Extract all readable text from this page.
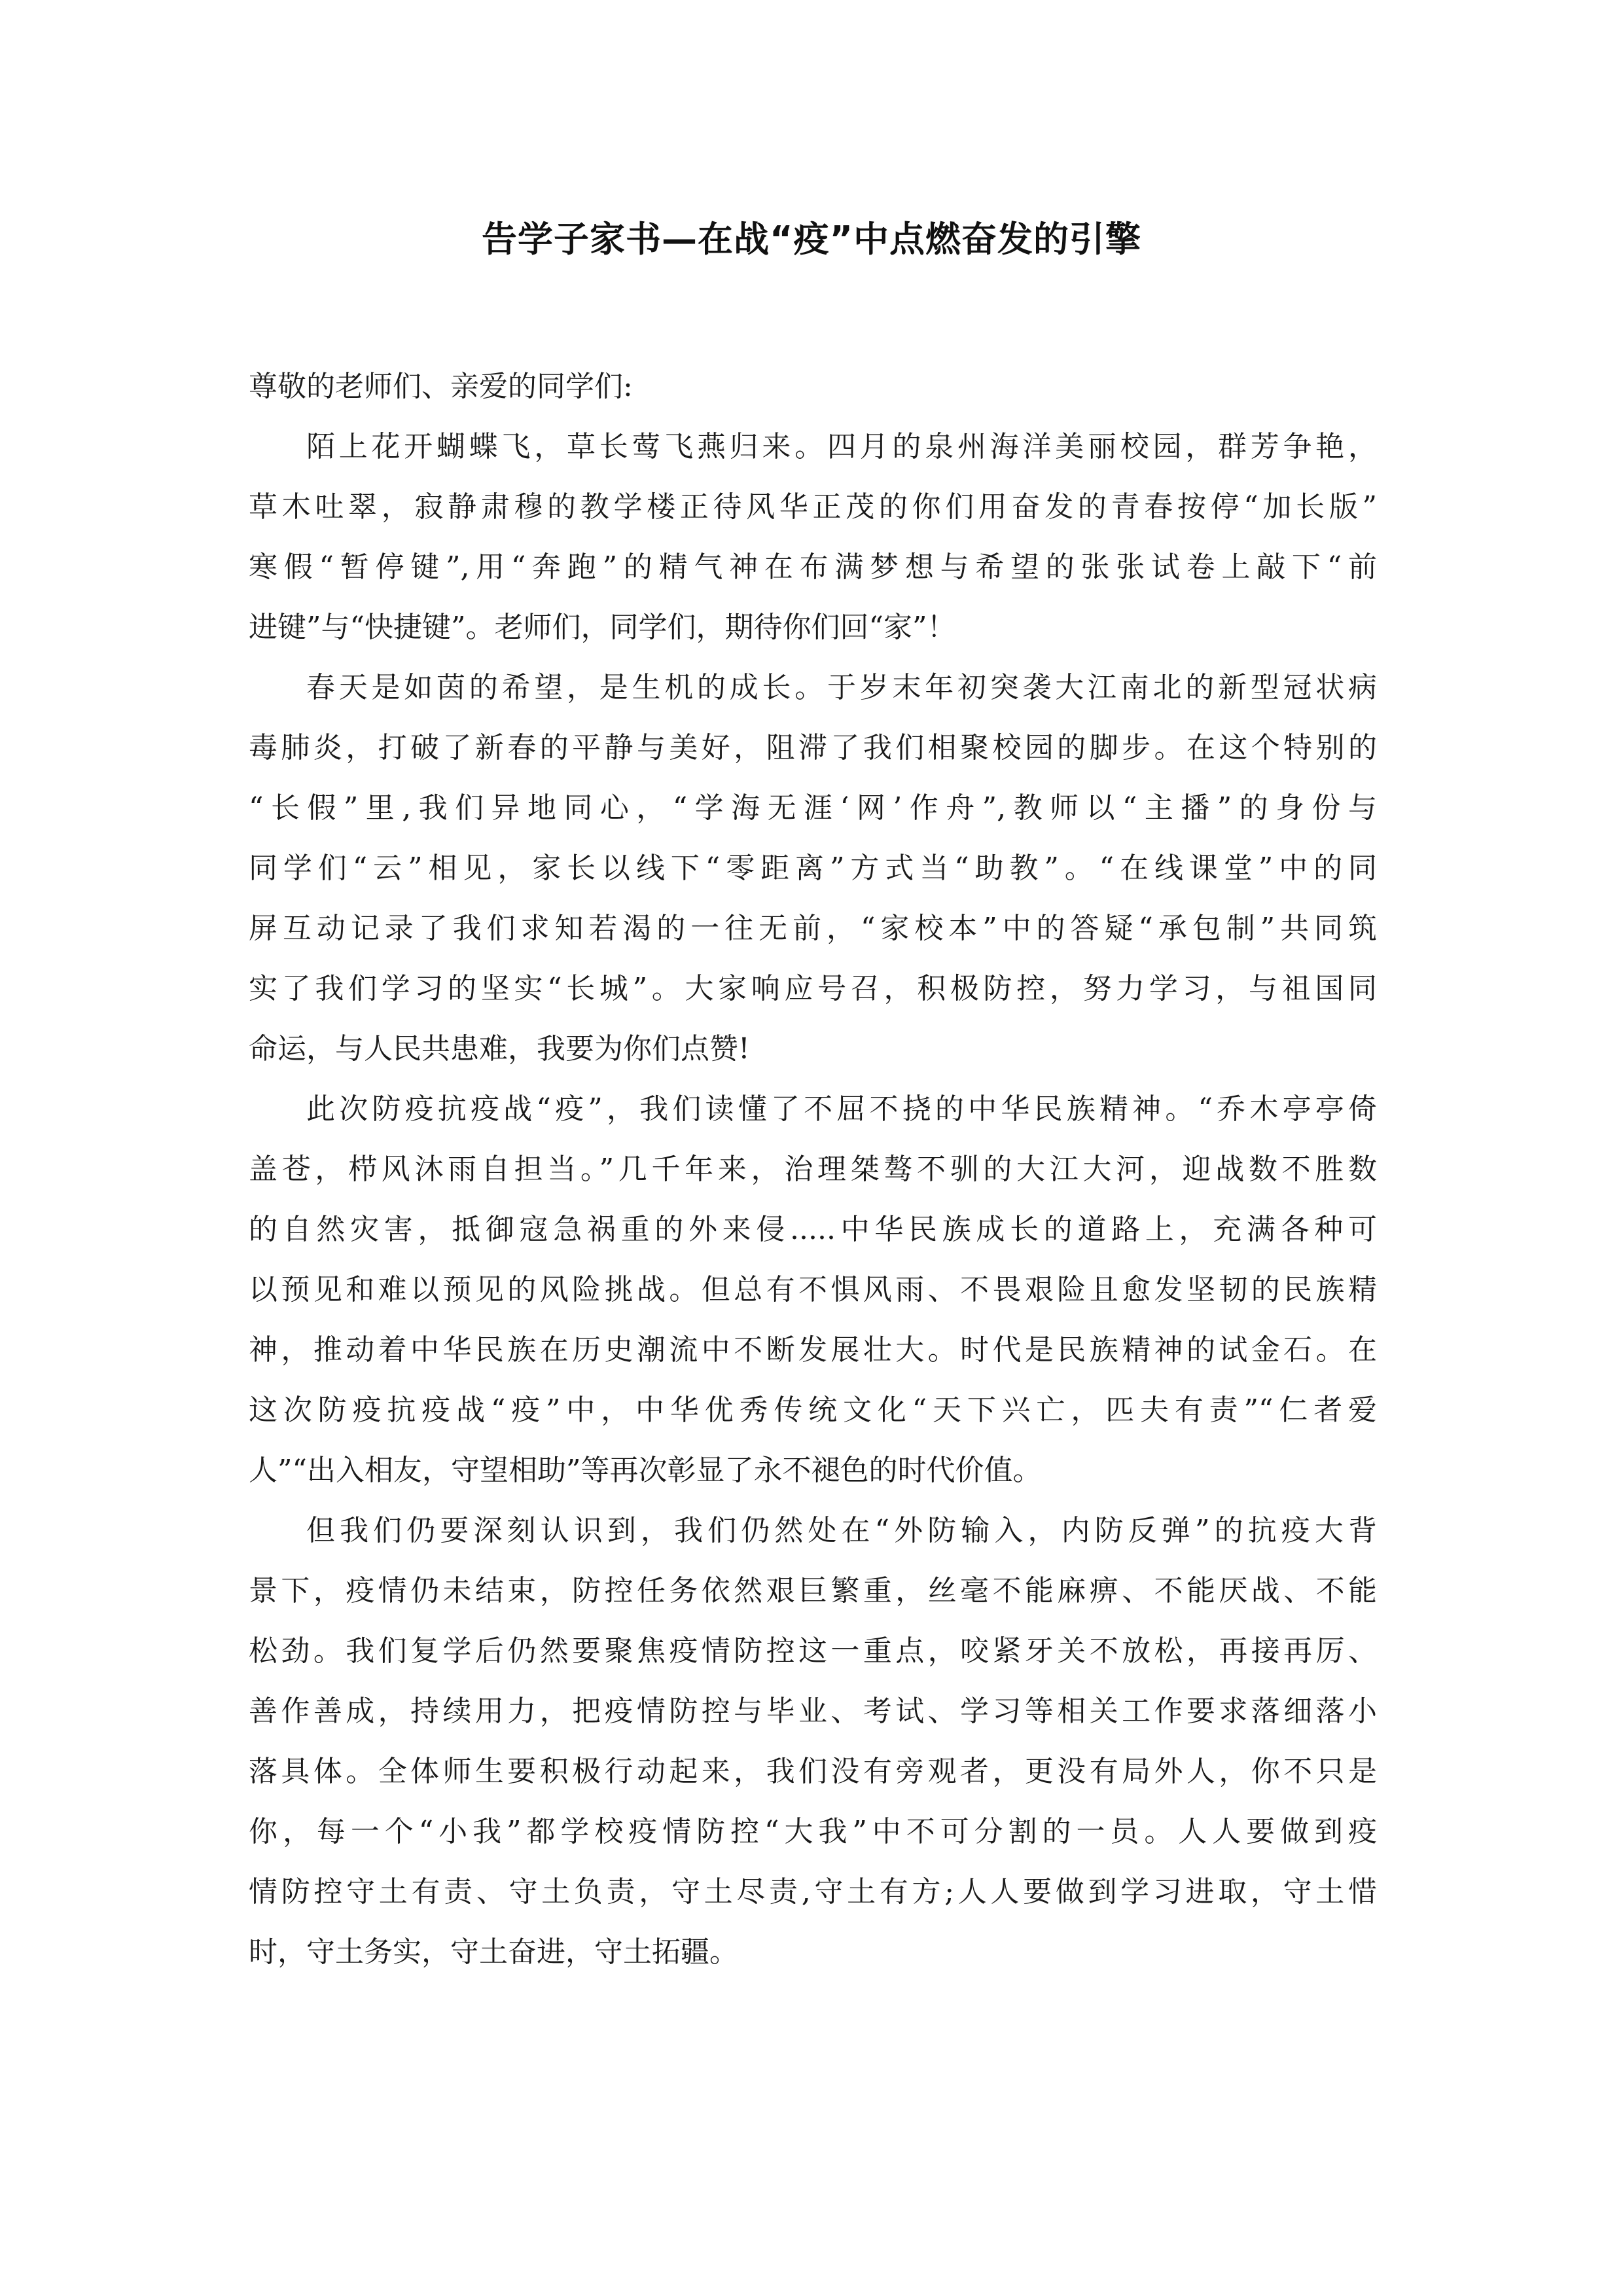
告学子家书—在战“疫”中点燃奋发的引擎
尊敬的老师们、亲爱的同学们:
陌上花开蝴蝶飞，草长莺飞燕归来。四月的泉州海洋美丽校园，群芳争艳，
草木吐翠，寂静肃穆的教学楼正待风华正茂的你们用奋发的青春按停“加长版”
寒假“暂停键”,用“奔跑”的精气神在布满梦想与希望的张张试卷上敲下“前
进键”与“快捷键”。老师们，同学们，期待你们回“家”！
春天是如茵的希望，是生机的成长。于岁末年初突袭大江南北的新型冠状病
毒肺炎，打破了新春的平静与美好，阻滞了我们相聚校园的脚步。在这个特别的
“长假”里,我们异地同心，“学海无涯‘网’作舟”,教师以“主播”的身份与
同学们“云”相见，家长以线下“零距离”方式当“助教”。“在线课堂”中的同
屏互动记录了我们求知若渴的一往无前，“家校本”中的答疑“承包制”共同筑
实了我们学习的坚实“长城”。大家响应号召，积极防控，努力学习，与祖国同
命运，与人民共患难，我要为你们点赞!
此次防疫抗疫战“疫”，我们读懂了不屈不挠的中华民族精神。“乔木亭亭倚
盖苍，栉风沐雨自担当。”几千年来，治理桀骜不驯的大江大河，迎战数不胜数
的自然灾害，抵御寇急祸重的外来侵.....中华民族成长的道路上，充满各种可
以预见和难以预见的风险挑战。但总有不惧风雨、不畏艰险且愈发坚韧的民族精
神，推动着中华民族在历史潮流中不断发展壮大。时代是民族精神的试金石。在
这次防疫抗疫战“疫”中，中华优秀传统文化“天下兴亡，匹夫有责”“仁者爱
人”“出入相友，守望相助”等再次彰显了永不褪色的时代价值。
但我们仍要深刻认识到，我们仍然处在“外防输入，内防反弹”的抗疫大背
景下，疫情仍未结束，防控任务依然艰巨繁重，丝毫不能麻痹、不能厌战、不能
松劲。我们复学后仍然要聚焦疫情防控这一重点，咬紧牙关不放松，再接再厉、
善作善成，持续用力，把疫情防控与毕业、考试、学习等相关工作要求落细落小
落具体。全体师生要积极行动起来，我们没有旁观者，更没有局外人，你不只是
你，每一个“小我”都学校疫情防控“大我”中不可分割的一员。人人要做到疫
情防控守土有责、守土负责，守土尽责,守土有方;人人要做到学习进取，守土惜
时，守土务实，守土奋进，守土拓疆。
